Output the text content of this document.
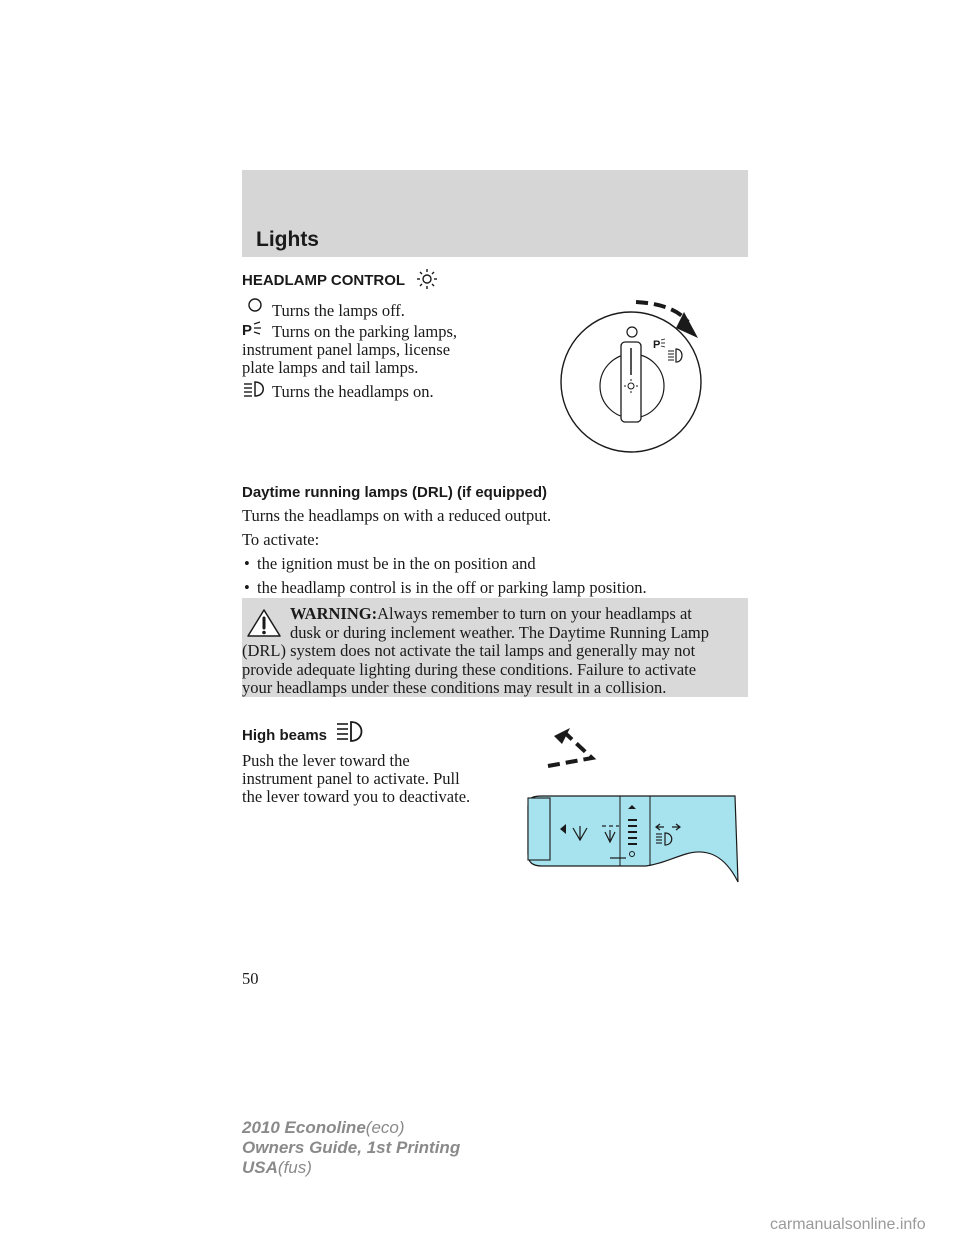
Lights
HEADLAMP CONTROL
Turns the lamps off.
P Turns on the parking lamps,
instrument panel lamps, license
plate lamps and tail lamps.
Turns the headlamps on.
P
Daytime running lamps (DRL) (if equipped)
Turns the headlamps on with a reduced output.
To activate:
• the ignition must be in the on position and
• the headlamp control is in the off or parking lamp position.
WARNING:Always remember to turn on your headlamps at
dusk or during inclement weather. The Daytime Running Lamp
(DRL) system does not activate the tail lamps and generally may not
provide adequate lighting during these conditions. Failure to activate
your headlamps under these conditions may result in a collision.
High beams
Push the lever toward the
instrument panel to activate. Pull
the lever toward you to deactivate.
50
2010 Econoline(eco)
Owners Guide, 1st Printing
USA(fus)
carmanualsonline.info
